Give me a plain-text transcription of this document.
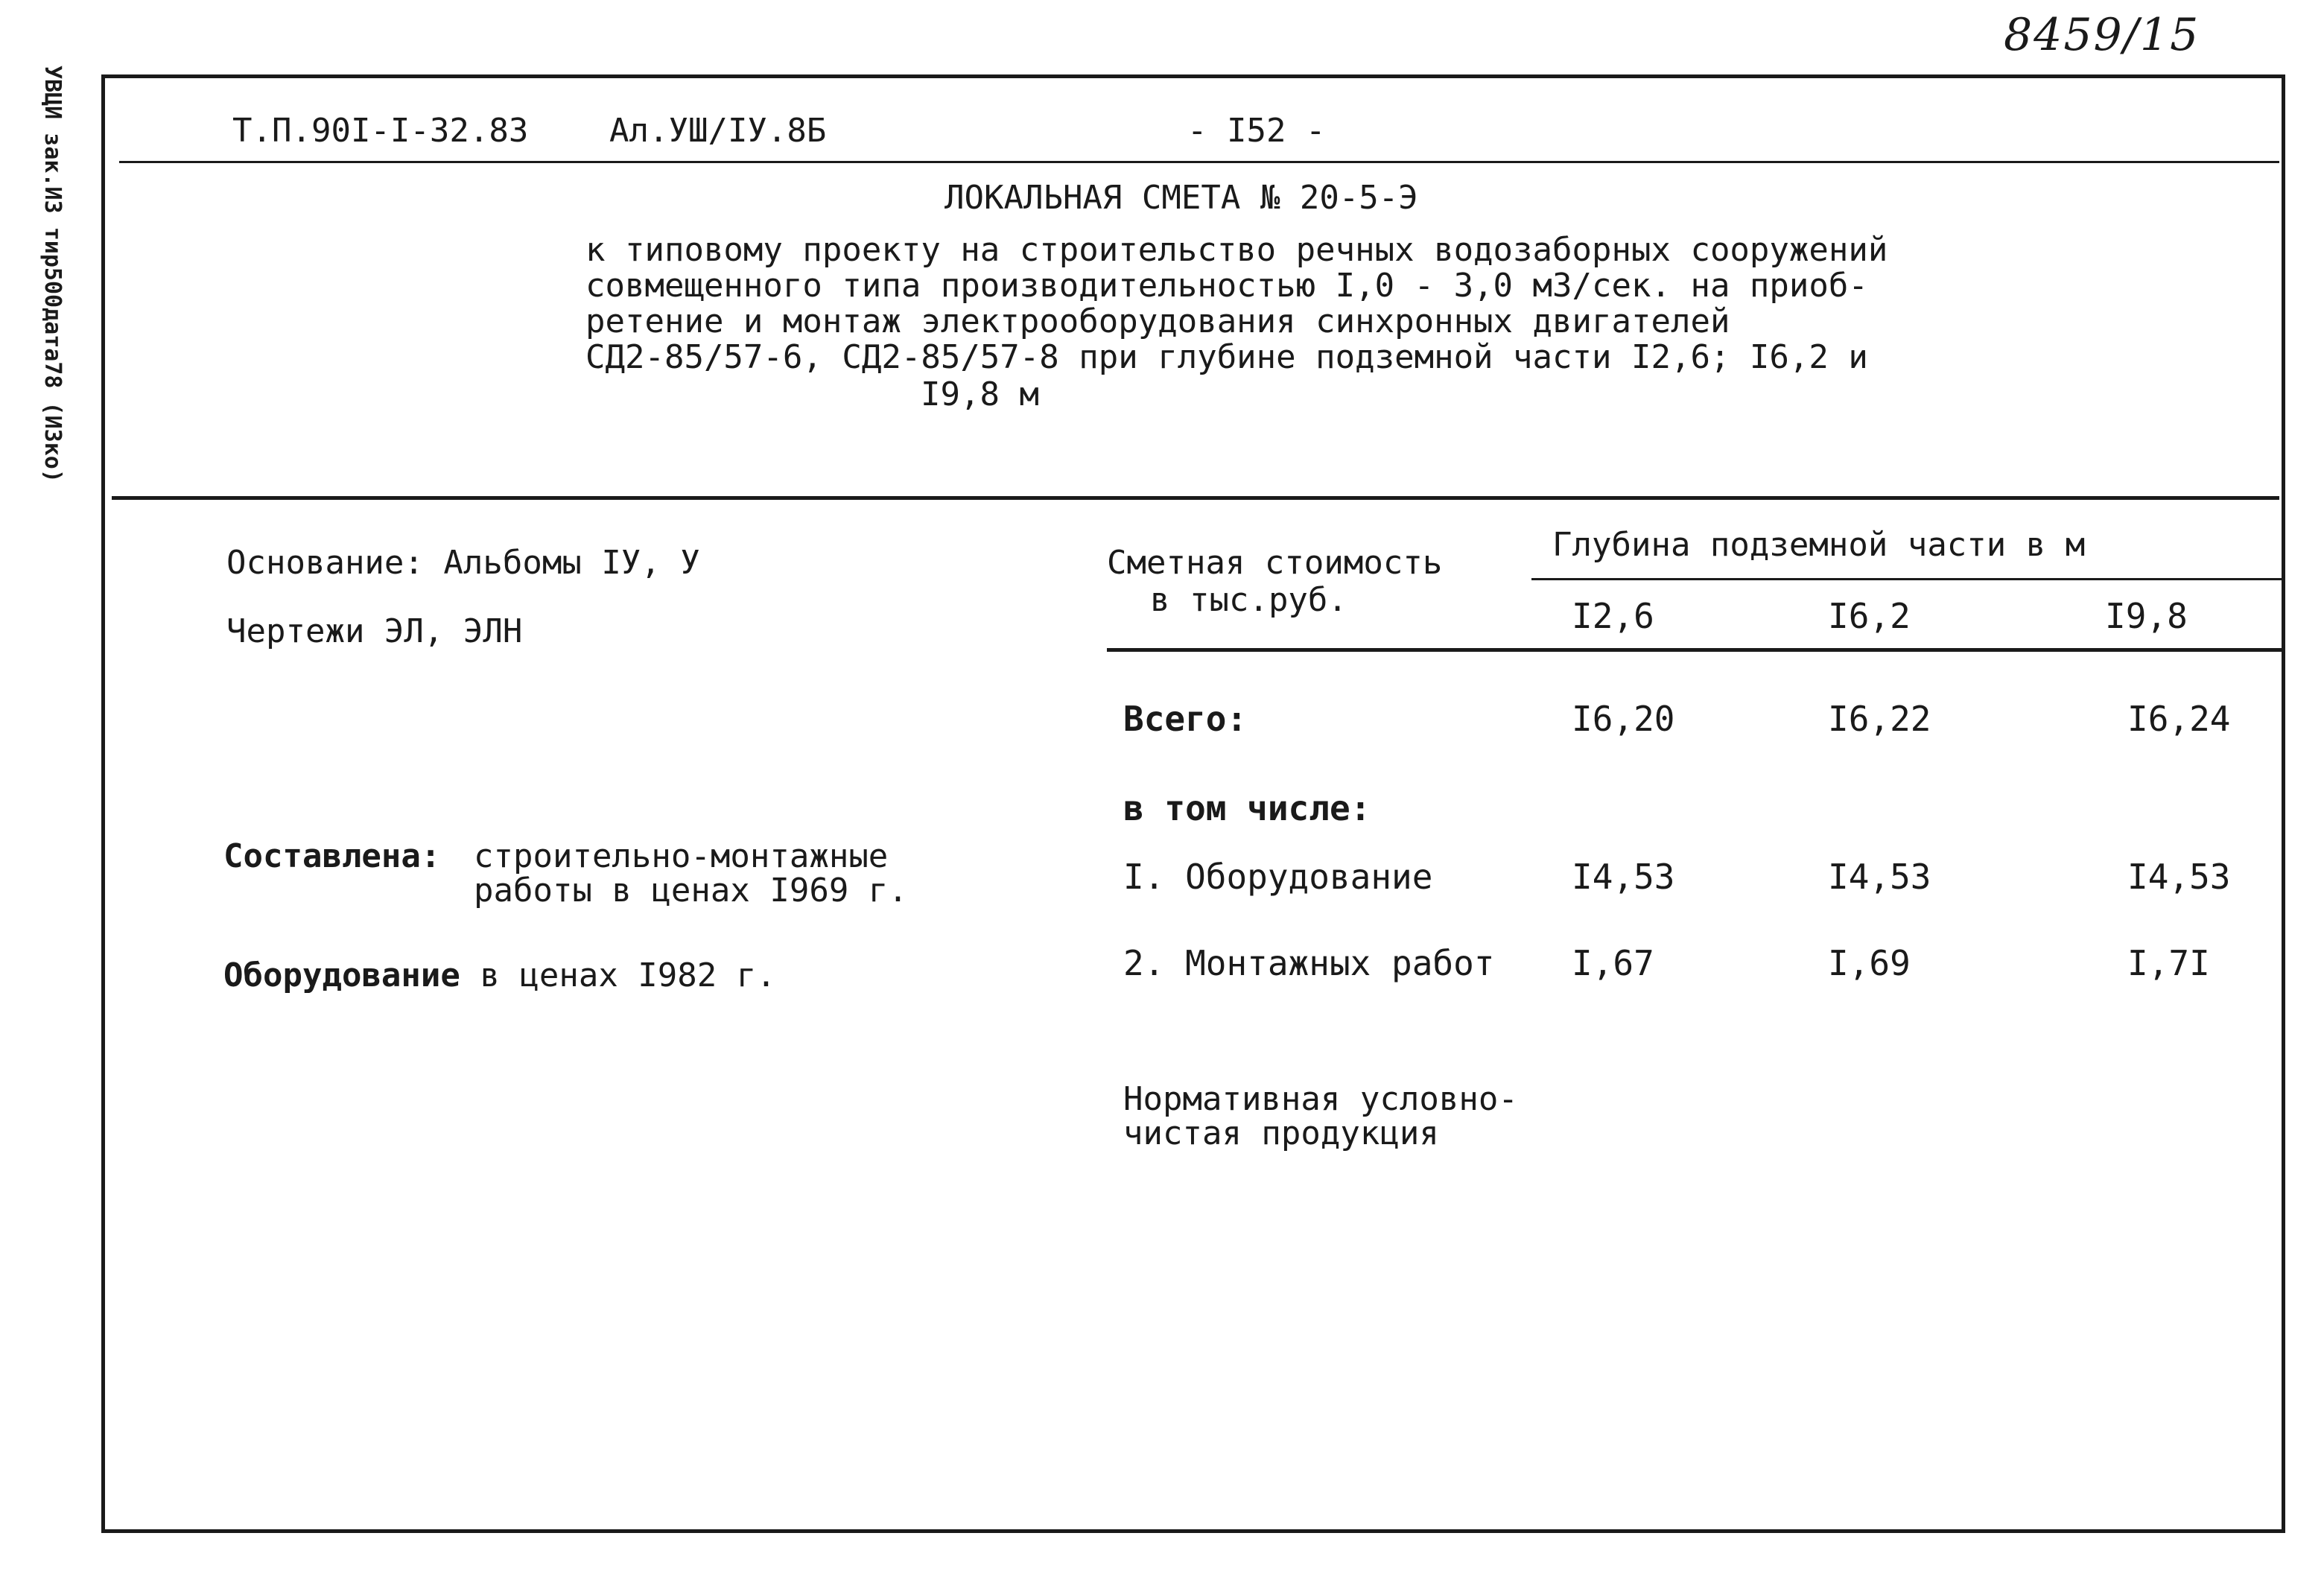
8459/15
УВЦИ зак.И3 тир500дата78 (И3ко)	Т.П.90I-I-32.83 Ал.УШ/IУ.8Б	- I52 -
ЛОКАЛЬНАЯ СМЕТА № 20-5-Э
к типовому проекту на строительство речных водозаборных сооружений
совмещенного типа производительностью I,0 - 3,0 м3/сек. на приоб-
ретение и монтаж электрооборудования синхронных двигателей
СД2-85/57-6, СД2-85/57-8 при глубине подземной части I2,6; I6,2 и
I9,8 м
Основание: Альбомы IУ, У
Чертежи ЭЛ, ЭЛН
Составлена: строительно-монтажные
работы в ценах I969 г.
Оборудование в ценах I982 г.
Сметная стоимость
в тыс.руб.
Глубина подземной части в м
I2,6	I6,2	I9,8
Всего:	I6,20	I6,22	I6,24
в том числе:
I. Оборудование	I4,53	I4,53	I4,53
2. Монтажных работ I,67	I,69	I,7I
Нормативная условно-
чистая продукция
